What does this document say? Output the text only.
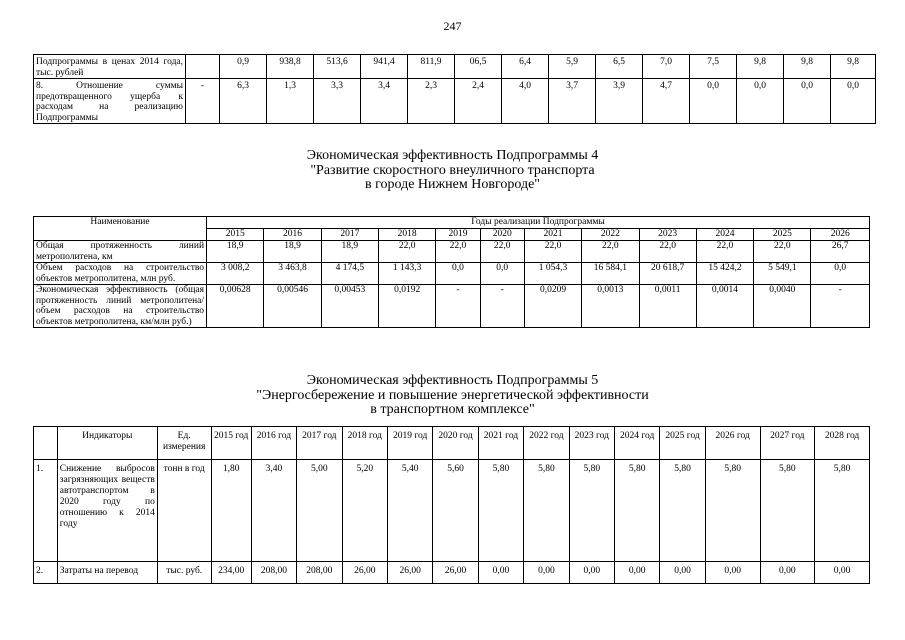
247
Подпрограммы в ценах 2014 года, тыс. рублей		0,9	938,8	513,6	941,4	811,9	06,5	6,4	5,9	6,5	7,0	7,5	9,8	9,8	9,8
8. Отношение суммы предотвращенного ущерба к расходам на реализацию Подпрограммы	-	6,3	1,3	3,3	3,4	2,3	2,4	4,0	3,7	3,9	4,7	0,0	0,0	0,0	0,0
Экономическая эффективность Подпрограммы 4
"Развитие скоростного внеуличного транспорта
в городе Нижнем Новгороде"
Наименование	Годы реализации Подпрограммы											
	2015	2016	2017	2018	2019	2020	2021	2022	2023	2024	2025	2026
Общая протяженность линий метрополитена, км	18,9	18,9	18,9	22,0	22,0	22,0	22,0	22,0	22,0	22,0	22,0	26,7
Объем расходов на строительство объектов метрополитена, млн руб.	3 008,2	3 463,8	4 174,5	1 143,3	0,0	0,0	1 054,3	16 584,1	20 618,7	15 424,2	5 549,1	0,0
Экономическая эффективность (общая протяженность линий метрополитена/объем расходов на строительство объектов метрополитена, км/млн руб.)	0,00628	0,00546	0,00453	0,0192	-	-	0,0209	0,0013	0,0011	0,0014	0,0040	-
Экономическая эффективность Подпрограммы 5
"Энергосбережение и повышение энергетической эффективности
в транспортном комплексе"
	Индикаторы	Ед. измерения	2015 год	2016 год	2017 год	2018 год	2019 год	2020 год	2021 год	2022 год	2023 год	2024 год	2025 год	2026 год	2027 год	2028 год
1.	Снижение выбросов загрязняющих веществ автотранспортом в 2020 году по отношению к 2014 году	тонн в год	1,80	3,40	5,00	5,20	5,40	5,60	5,80	5,80	5,80	5,80	5,80	5,80	5,80	5,80
2.	Затраты на перевод	тыс. руб.	234,00	208,00	208,00	26,00	26,00	26,00	0,00	0,00	0,00	0,00	0,00	0,00	0,00	0,00
